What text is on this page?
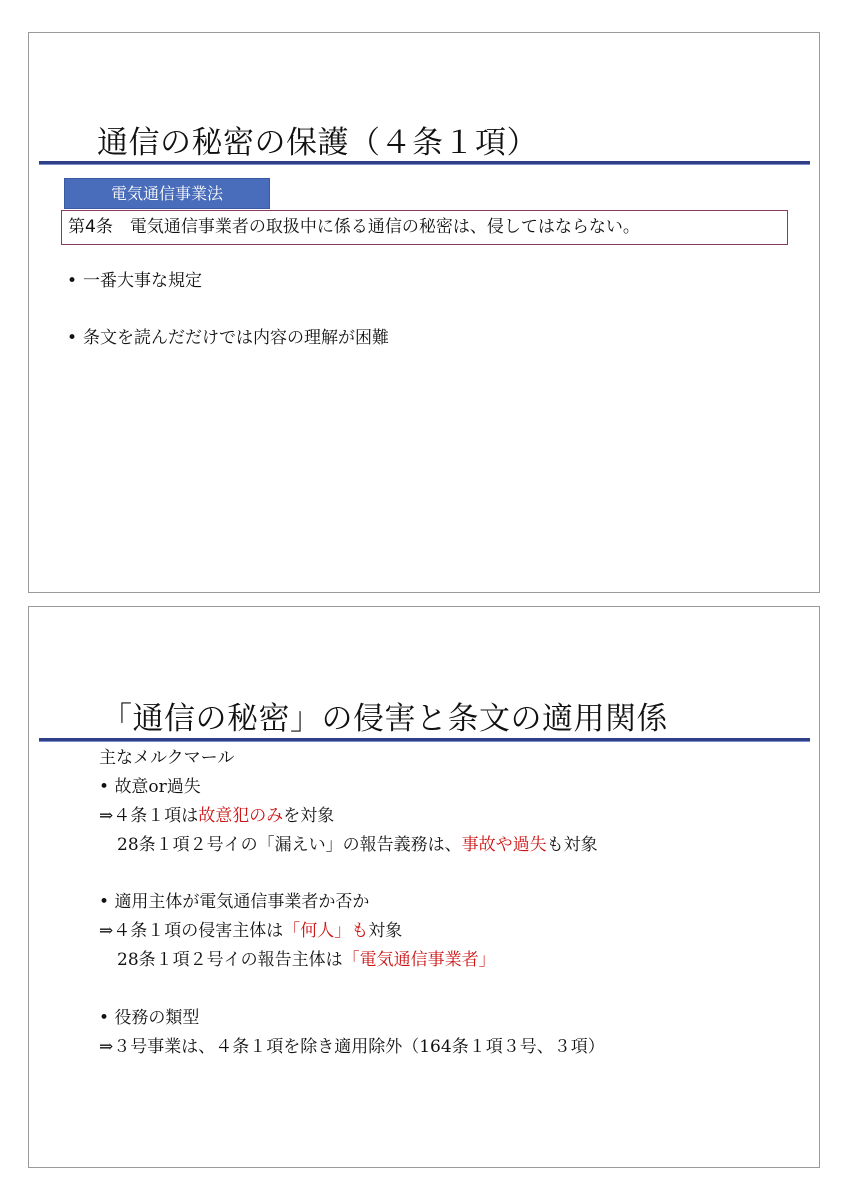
通信の秘密の保護（４条１項）
電気通信事業法
第4条　電気通信事業者の取扱中に係る通信の秘密は、侵してはならない。
• 一番大事な規定
• 条文を読んだだけでは内容の理解が困難
「通信の秘密」の侵害と条文の適用関係
主なメルクマール
• 故意or過失
⇒４条１項は故意犯のみを対象
28条１項２号イの「漏えい」の報告義務は、事故や過失も対象
• 適用主体が電気通信事業者か否か
⇒４条１項の侵害主体は「何人」も対象
28条１項２号イの報告主体は「電気通信事業者」
• 役務の類型
⇒３号事業は、４条１項を除き適用除外（164条１項３号、３項）
